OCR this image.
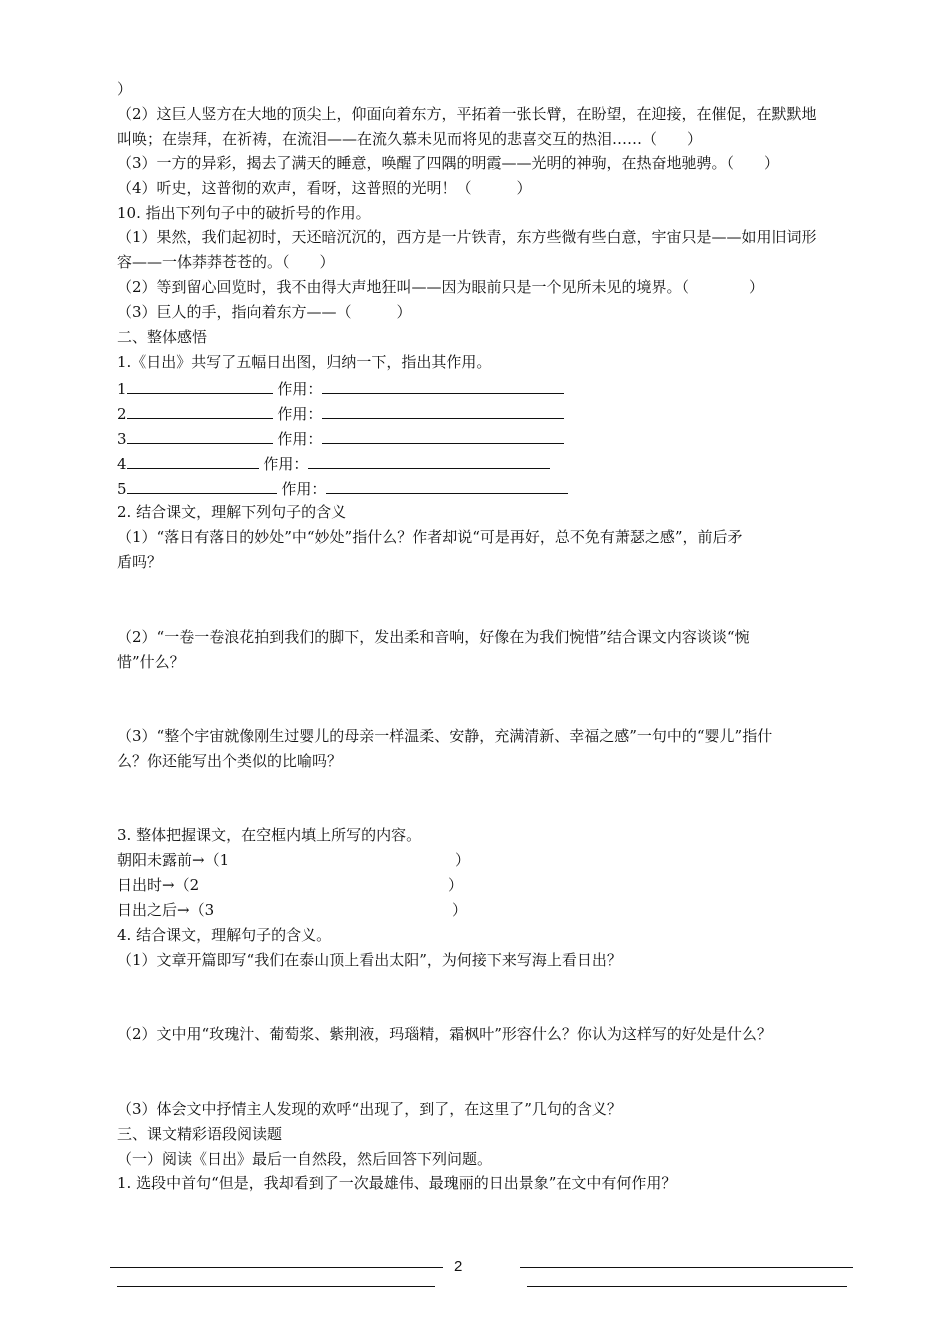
）
（2）这巨人竖方在大地的顶尖上，仰面向着东方，平拓着一张长臂，在盼望，在迎接，在催促，在默默地
叫唤；在崇拜，在祈祷，在流泪——在流久慕未见而将见的悲喜交互的热泪……（　　）
（3）一方的异彩，揭去了满天的睡意，唤醒了四隅的明霞——光明的神驹，在热奋地驰骋。（　　）
（4）听史，这普彻的欢声，看呀，这普照的光明！（　　　）
10. 指出下列句子中的破折号的作用。
（1）果然，我们起初时，天还暗沉沉的，西方是一片铁青，东方些微有些白意，宇宙只是——如用旧词形
容——一体莽莽苍苍的。（　　）
（2）等到留心回览时，我不由得大声地狂叫——因为眼前只是一个见所未见的境界。（　　　　）
（3）巨人的手，指向着东方——（　　　）
二、整体感悟
1.《日出》共写了五幅日出图，归纳一下，指出其作用。
1	作用：
2	作用：
3	作用：
4	作用：
5	作用：
2. 结合课文，理解下列句子的含义
（1）“落日有落日的妙处”中“妙处”指什么？作者却说“可是再好，总不免有萧瑟之感”，前后矛
盾吗？
（2）“一卷一卷浪花拍到我们的脚下，发出柔和音响，好像在为我们惋惜”结合课文内容谈谈“惋
惜”什么？
（3）“整个宇宙就像刚生过婴儿的母亲一样温柔、安静，充满清新、幸福之感”一句中的“婴儿”指什
么？你还能写出个类似的比喻吗？
3. 整体把握课文，在空框内填上所写的内容。
朝阳未露前→（1	）
日出时→（2	）
日出之后→（3	）
4. 结合课文，理解句子的含义。
（1）文章开篇即写“我们在泰山顶上看出太阳”，为何接下来写海上看日出？
（2）文中用“玫瑰汁、葡萄浆、紫荆液，玛瑙精，霜枫叶”形容什么？你认为这样写的好处是什么？
（3）体会文中抒情主人发现的欢呼“出现了，到了，在这里了”几句的含义？
三、课文精彩语段阅读题
（一）阅读《日出》最后一自然段，然后回答下列问题。
1. 选段中首句“但是，我却看到了一次最雄伟、最瑰丽的日出景象”在文中有何作用？
2
